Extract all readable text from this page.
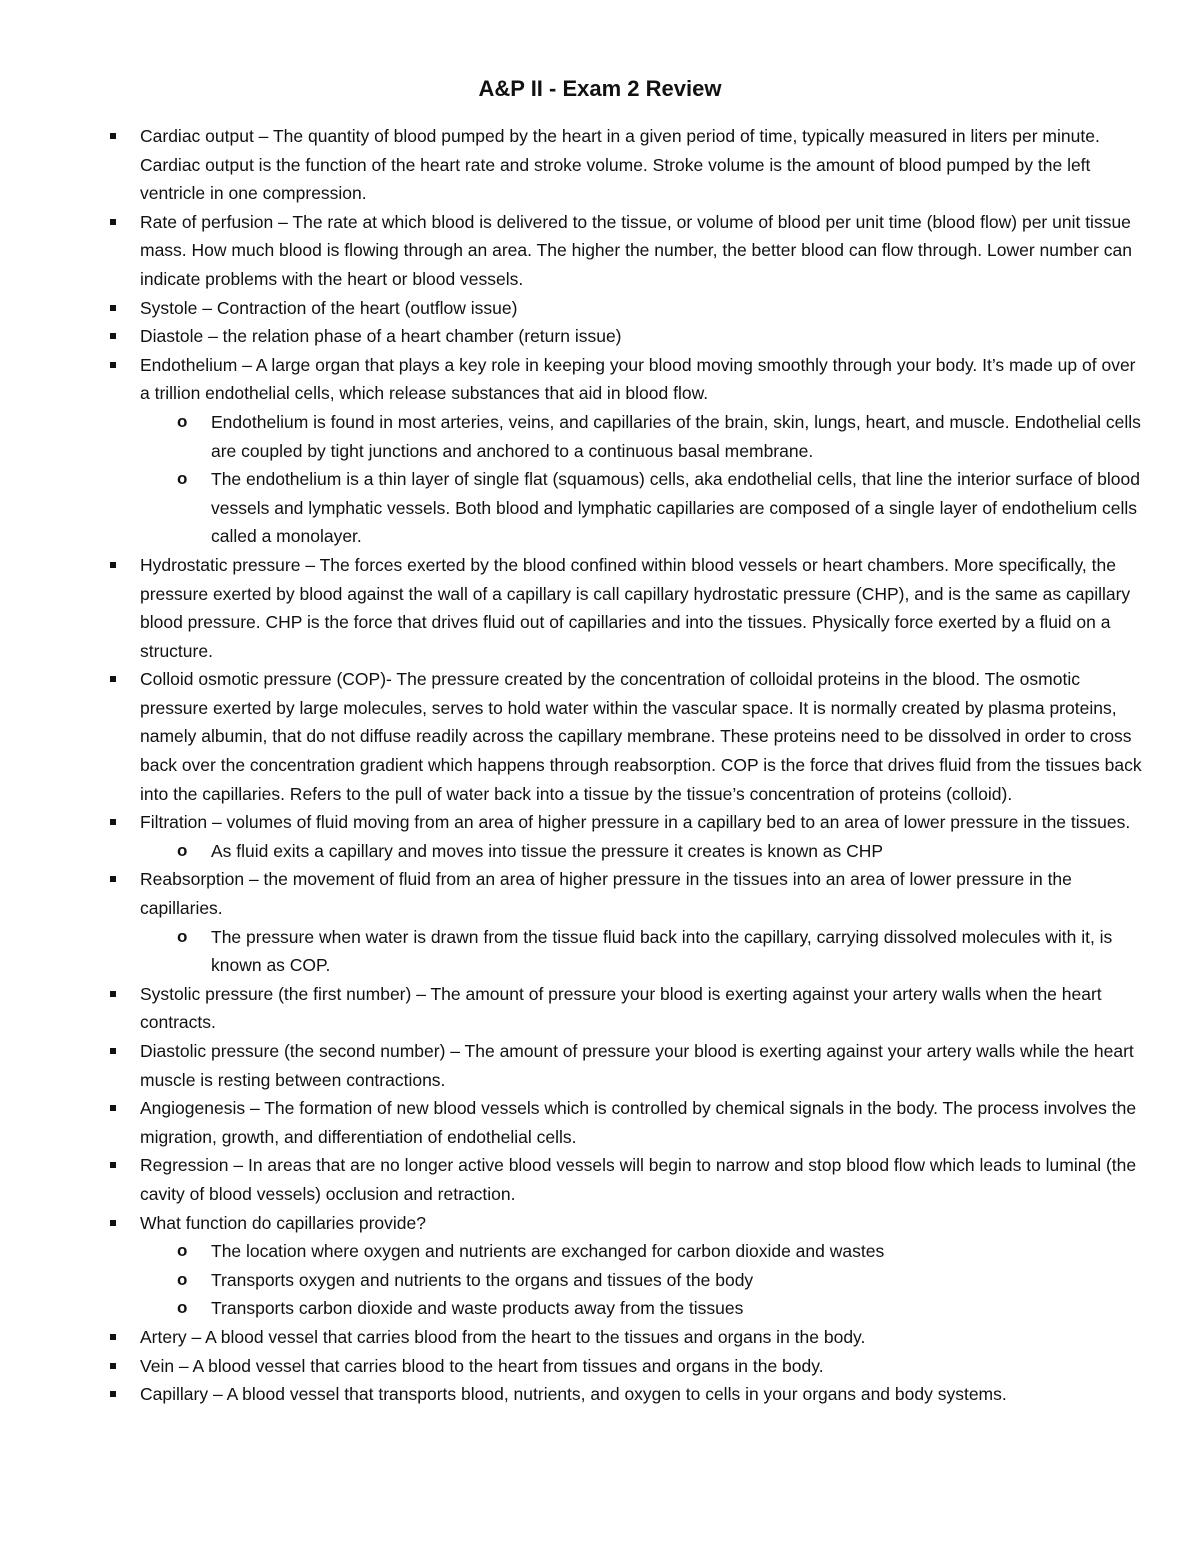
A&P II - Exam 2 Review
Cardiac output – The quantity of blood pumped by the heart in a given period of time, typically measured in liters per minute. Cardiac output is the function of the heart rate and stroke volume. Stroke volume is the amount of blood pumped by the left ventricle in one compression.
Rate of perfusion – The rate at which blood is delivered to the tissue, or volume of blood per unit time (blood flow) per unit tissue mass. How much blood is flowing through an area. The higher the number, the better blood can flow through. Lower number can indicate problems with the heart or blood vessels.
Systole – Contraction of the heart (outflow issue)
Diastole – the relation phase of a heart chamber (return issue)
Endothelium – A large organ that plays a key role in keeping your blood moving smoothly through your body. It’s made up of over a trillion endothelial cells, which release substances that aid in blood flow.
o Endothelium is found in most arteries, veins, and capillaries of the brain, skin, lungs, heart, and muscle. Endothelial cells are coupled by tight junctions and anchored to a continuous basal membrane.
o The endothelium is a thin layer of single flat (squamous) cells, aka endothelial cells, that line the interior surface of blood vessels and lymphatic vessels. Both blood and lymphatic capillaries are composed of a single layer of endothelium cells called a monolayer.
Hydrostatic pressure – The forces exerted by the blood confined within blood vessels or heart chambers. More specifically, the pressure exerted by blood against the wall of a capillary is call capillary hydrostatic pressure (CHP), and is the same as capillary blood pressure. CHP is the force that drives fluid out of capillaries and into the tissues. Physically force exerted by a fluid on a structure.
Colloid osmotic pressure (COP)- The pressure created by the concentration of colloidal proteins in the blood. The osmotic pressure exerted by large molecules, serves to hold water within the vascular space. It is normally created by plasma proteins, namely albumin, that do not diffuse readily across the capillary membrane. These proteins need to be dissolved in order to cross back over the concentration gradient which happens through reabsorption. COP is the force that drives fluid from the tissues back into the capillaries. Refers to the pull of water back into a tissue by the tissue’s concentration of proteins (colloid).
Filtration – volumes of fluid moving from an area of higher pressure in a capillary bed to an area of lower pressure in the tissues.
o As fluid exits a capillary and moves into tissue the pressure it creates is known as CHP
Reabsorption – the movement of fluid from an area of higher pressure in the tissues into an area of lower pressure in the capillaries.
o The pressure when water is drawn from the tissue fluid back into the capillary, carrying dissolved molecules with it, is known as COP.
Systolic pressure (the first number) – The amount of pressure your blood is exerting against your artery walls when the heart contracts.
Diastolic pressure (the second number) – The amount of pressure your blood is exerting against your artery walls while the heart muscle is resting between contractions.
Angiogenesis – The formation of new blood vessels which is controlled by chemical signals in the body. The process involves the migration, growth, and differentiation of endothelial cells.
Regression – In areas that are no longer active blood vessels will begin to narrow and stop blood flow which leads to luminal (the cavity of blood vessels) occlusion and retraction.
What function do capillaries provide?
o The location where oxygen and nutrients are exchanged for carbon dioxide and wastes
o Transports oxygen and nutrients to the organs and tissues of the body
o Transports carbon dioxide and waste products away from the tissues
Artery – A blood vessel that carries blood from the heart to the tissues and organs in the body.
Vein – A blood vessel that carries blood to the heart from tissues and organs in the body.
Capillary – A blood vessel that transports blood, nutrients, and oxygen to cells in your organs and body systems.
